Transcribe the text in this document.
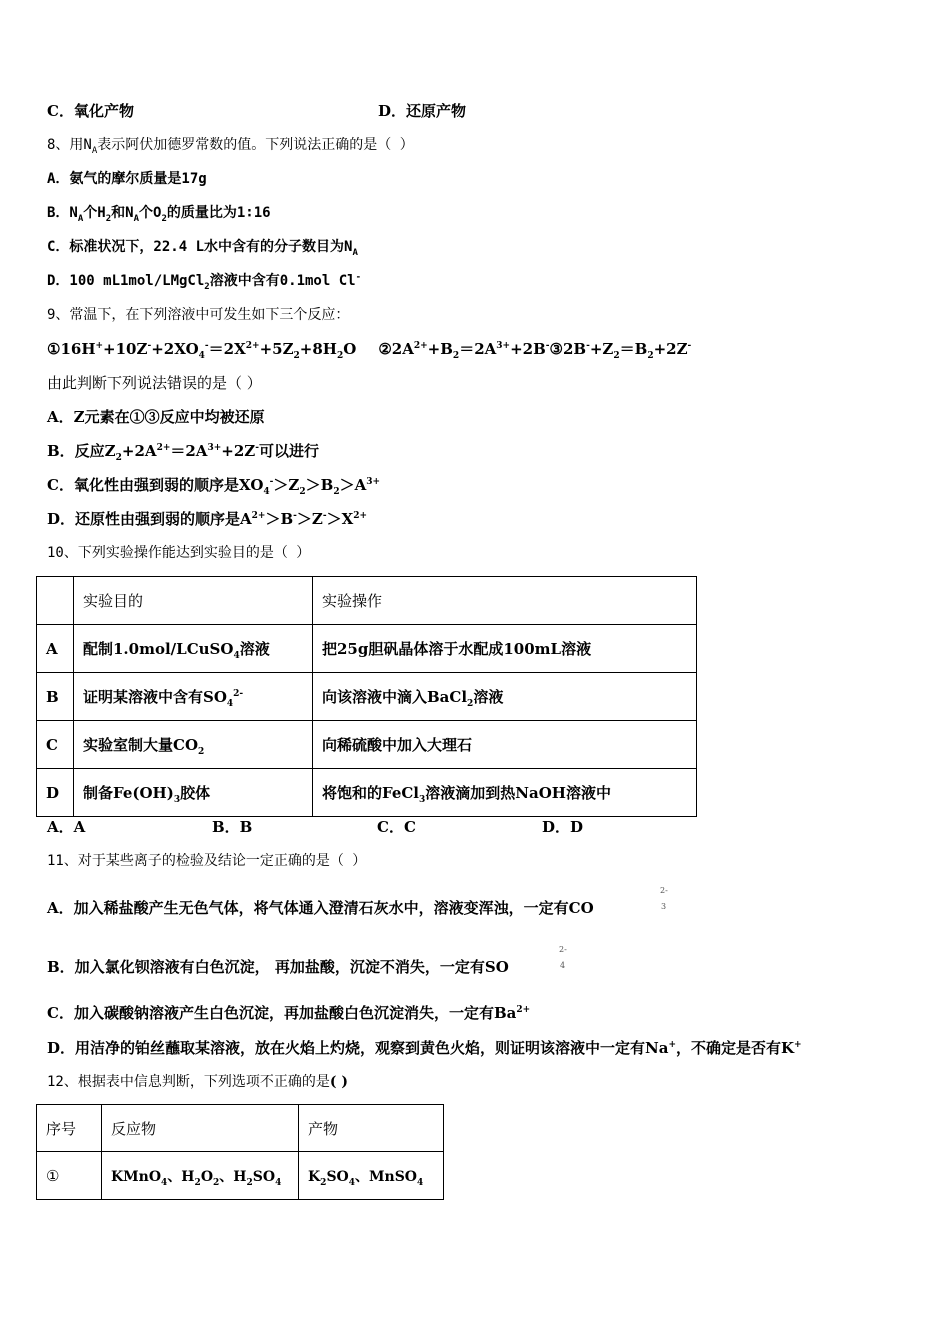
C．氧化产物	D．还原产物
8、用$N_A$表示阿伏加德罗常数的值。下列说法正确的是（ ）
A．氨气的摩尔质量是17g
B．$N_A$个$H_2$和$N_A$个$O_2$的质量比为1∶16
C．标准状况下，22.4 L水中含有的分子数目为$N_A$
D．100 mL1mol/LMgCl$_2$溶液中含有0.1mol Cl-
9、常温下，在下列溶液中可发生如下三个反应：
$①16H^++10Z^-+2XO_4^-=2X^{2+}+5Z_2+8H_2O$ $②2A^{2+}+B_2=2A^{3+}+2B^-③2B^-+Z_2=B_2+2Z^-$
由此判断下列说法错误的是（ ）
A．Z元素在①③反应中均被还原
B．反应$Z_2+2A^{2+}=2A^{3+}+2Z^-$可以进行
C．氧化性由强到弱的顺序是$XO_4^->Z_2>B_2>A^{3+}$
D．还原性由强到弱的顺序是$A^{2+}>B^->Z^->X^{2+}$
10、下列实验操作能达到实验目的是（ ）
	实验目的	实验操作
A	配制1.0mol/LCuSO$_4$溶液	把25g胆矾晶体溶于水配成100mL溶液
B	证明某溶液中含有$SO_4^{2-}$	向该溶液中滴入BaCl$_2$溶液
C	实验室制大量$CO_2$	向稀硫酸中加入大理石
D	制备$Fe(OH)_3$胶体	将饱和的FeCl$_3$溶液滴加到热NaOH溶液中
A．A	B．B	C．C	D．D
11、对于某些离子的检验及结论一定正确的是（ ）
A．加入稀盐酸产生无色气体，将气体通入澄清石灰水中，溶液变浑浊，一定有CO
2-
3
B．加入氯化钡溶液有白色沉淀， 再加盐酸，沉淀不消失，一定有SO
2-
4
C．加入碳酸钠溶液产生白色沉淀，再加盐酸白色沉淀消失，一定有$Ba^{2+}$
D．用洁净的铂丝蘸取某溶液，放在火焰上灼烧，观察到黄色火焰，则证明该溶液中一定有Na+，不确定是否有K+
12、根据表中信息判断，下列选项不正确的是( )
序号	反应物	产物
①	KMnO$_4$、$H_2O_2$、$H_2SO_4$	$K_2SO_4$、MnSO$_4$
